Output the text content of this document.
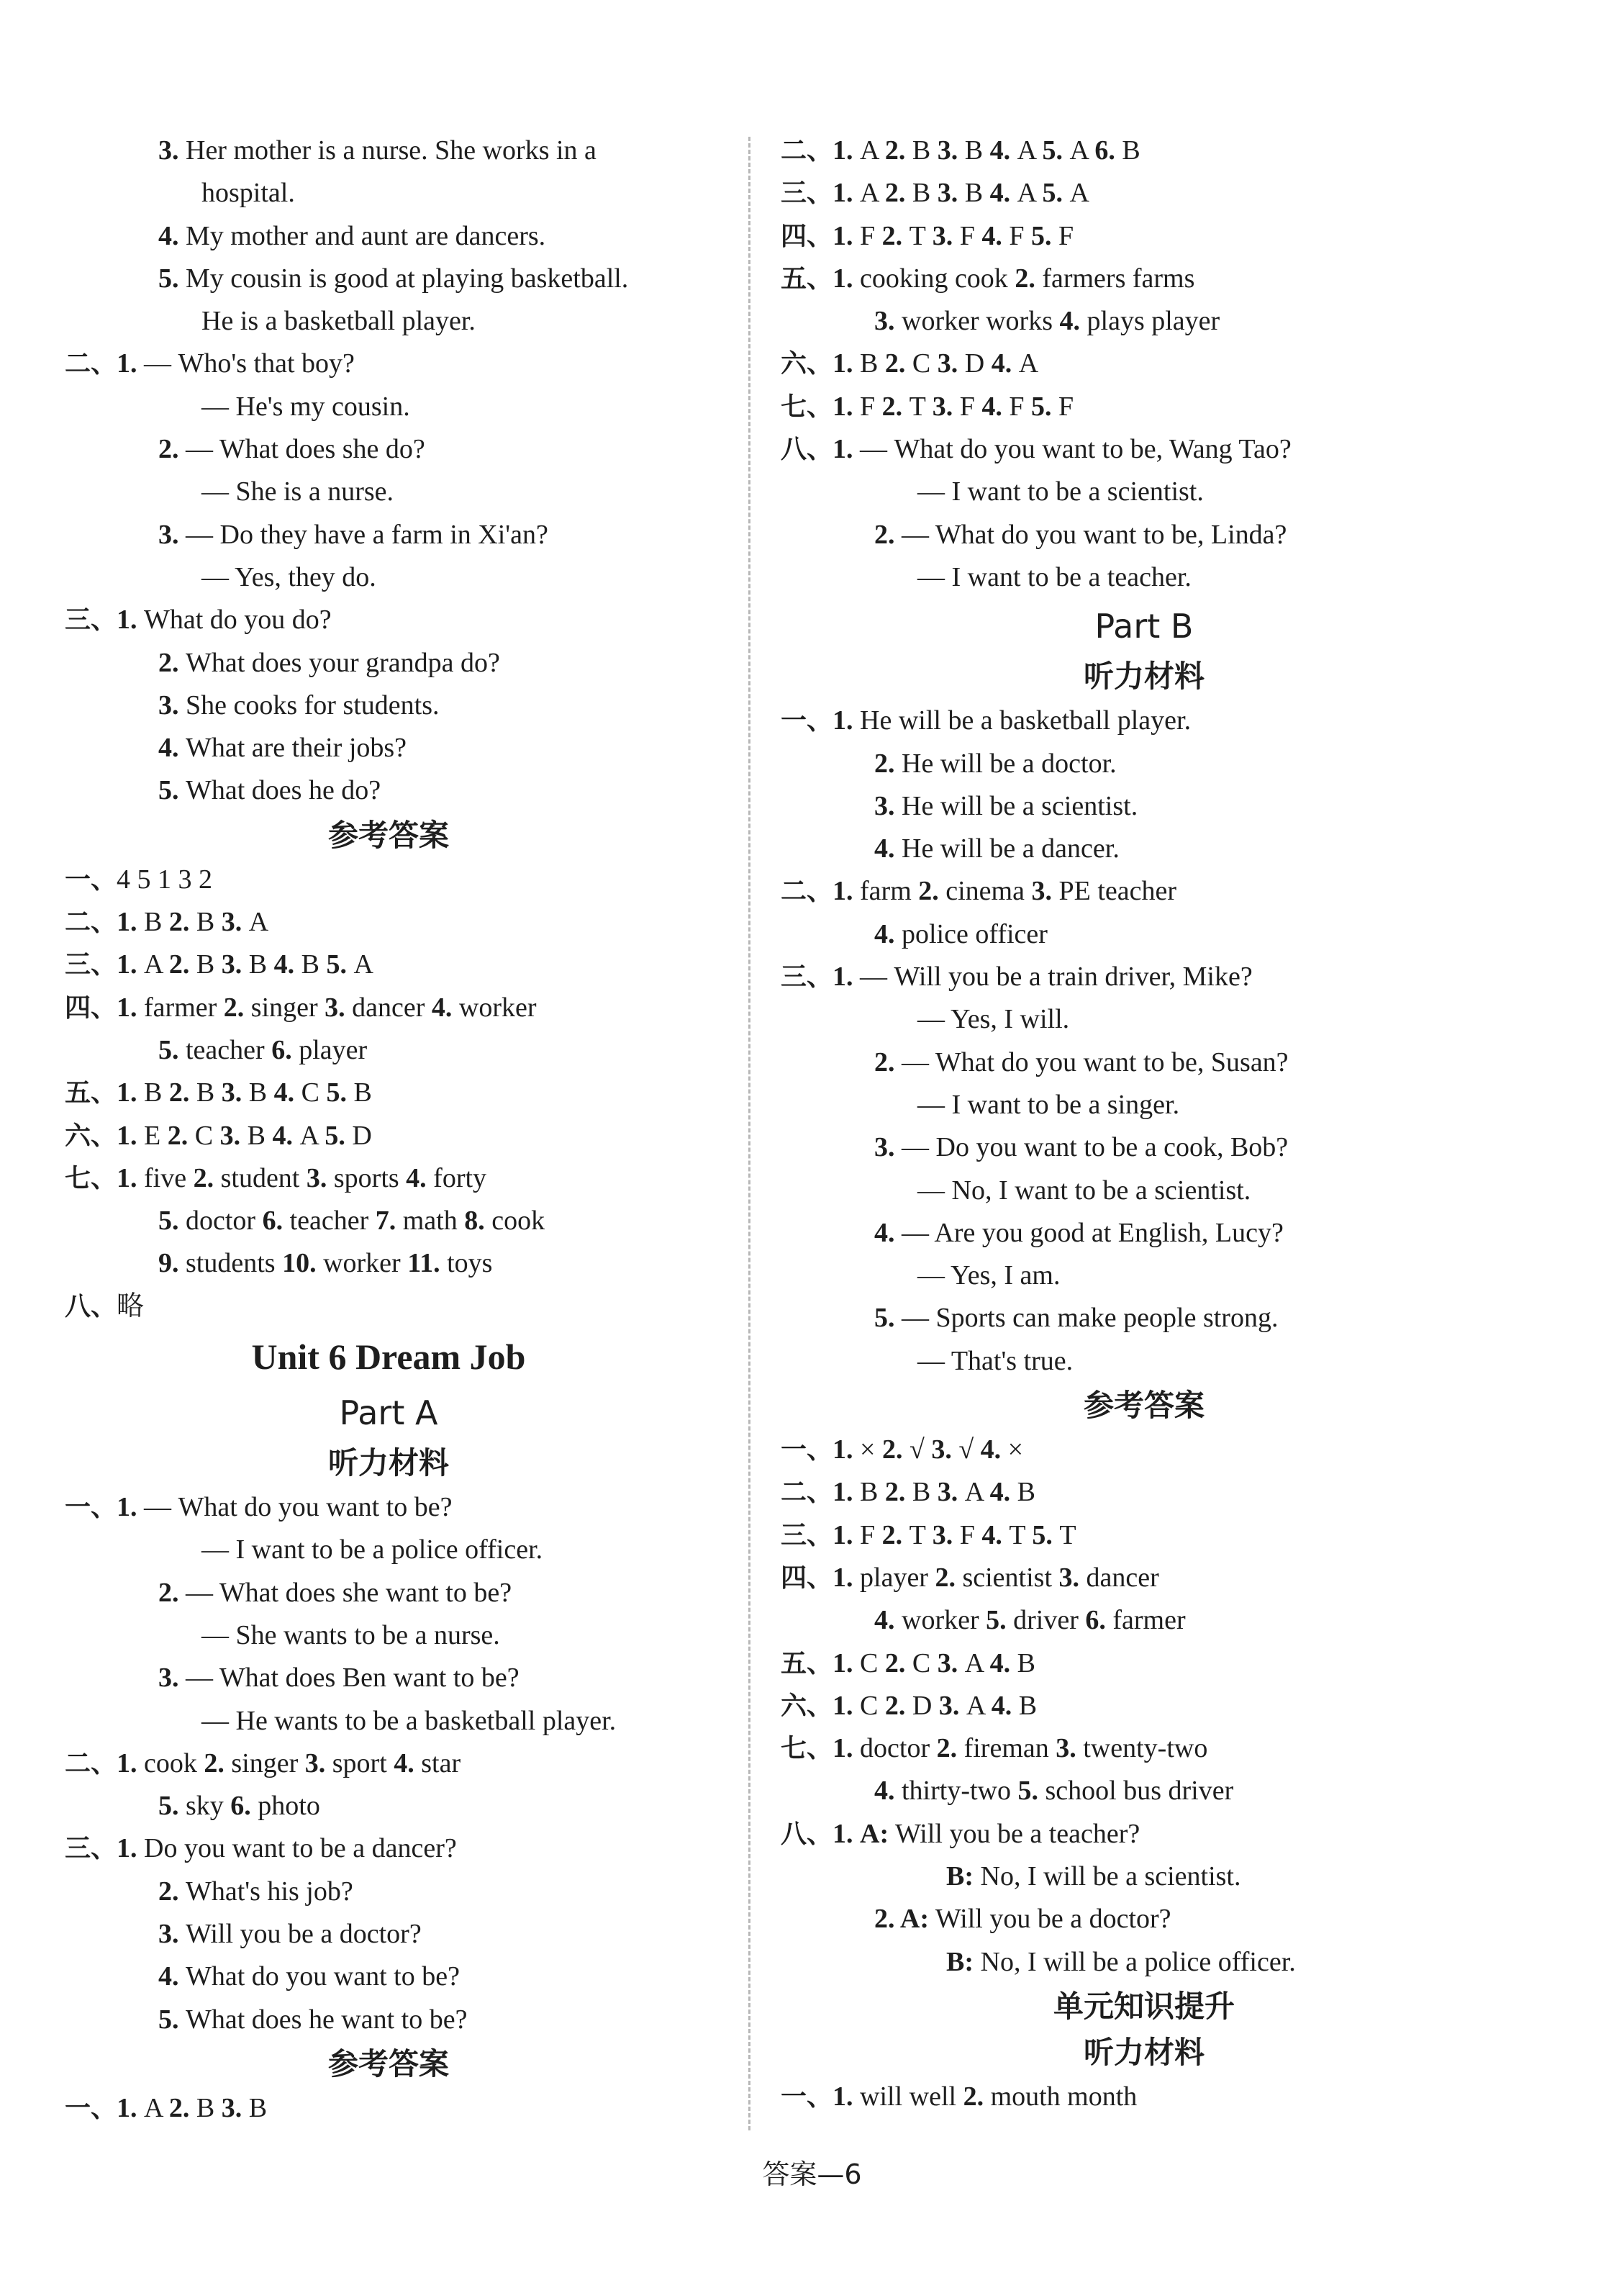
3. Her mother is a nurse. She works in a
hospital.
4. My mother and aunt are dancers.
5. My cousin is good at playing basketball.
He is a basketball player.
二、1. — Who's that boy?
— He's my cousin.
2. — What does she do?
— She is a nurse.
3. — Do they have a farm in Xi'an?
— Yes, they do.
三、1. What do you do?
2. What does your grandpa do?
3. She cooks for students.
4. What are their jobs?
5. What does he do?
参考答案
一、4 5 1 3 2
二、1. B 2. B 3. A
三、1. A 2. B 3. B 4. B 5. A
四、1. farmer 2. singer 3. dancer 4. worker
5. teacher 6. player
五、1. B 2. B 3. B 4. C 5. B
六、1. E 2. C 3. B 4. A 5. D
七、1. five 2. student 3. sports 4. forty
5. doctor 6. teacher 7. math 8. cook
9. students 10. worker 11. toys
八、略
Unit 6 Dream Job
Part A
听力材料
一、1. — What do you want to be?
— I want to be a police officer.
2. — What does she want to be?
— She wants to be a nurse.
3. — What does Ben want to be?
— He wants to be a basketball player.
二、1. cook 2. singer 3. sport 4. star
5. sky 6. photo
三、1. Do you want to be a dancer?
2. What's his job?
3. Will you be a doctor?
4. What do you want to be?
5. What does he want to be?
参考答案
一、1. A 2. B 3. B
二、1. A 2. B 3. B 4. A 5. A 6. B
三、1. A 2. B 3. B 4. A 5. A
四、1. F 2. T 3. F 4. F 5. F
五、1. cooking cook 2. farmers farms
3. worker works 4. plays player
六、1. B 2. C 3. D 4. A
七、1. F 2. T 3. F 4. F 5. F
八、1. — What do you want to be, Wang Tao?
— I want to be a scientist.
2. — What do you want to be, Linda?
— I want to be a teacher.
Part B
听力材料
一、1. He will be a basketball player.
2. He will be a doctor.
3. He will be a scientist.
4. He will be a dancer.
二、1. farm 2. cinema 3. PE teacher
4. police officer
三、1. — Will you be a train driver, Mike?
— Yes, I will.
2. — What do you want to be, Susan?
— I want to be a singer.
3. — Do you want to be a cook, Bob?
— No, I want to be a scientist.
4. — Are you good at English, Lucy?
— Yes, I am.
5. — Sports can make people strong.
— That's true.
参考答案
一、1. × 2. √ 3. √ 4. ×
二、1. B 2. B 3. A 4. B
三、1. F 2. T 3. F 4. T 5. T
四、1. player 2. scientist 3. dancer
4. worker 5. driver 6. farmer
五、1. C 2. C 3. A 4. B
六、1. C 2. D 3. A 4. B
七、1. doctor 2. fireman 3. twenty-two
4. thirty-two 5. school bus driver
八、1. A: Will you be a teacher?
B: No, I will be a scientist.
2. A: Will you be a doctor?
B: No, I will be a police officer.
单元知识提升
听力材料
一、1. will well 2. mouth month
答案—6
